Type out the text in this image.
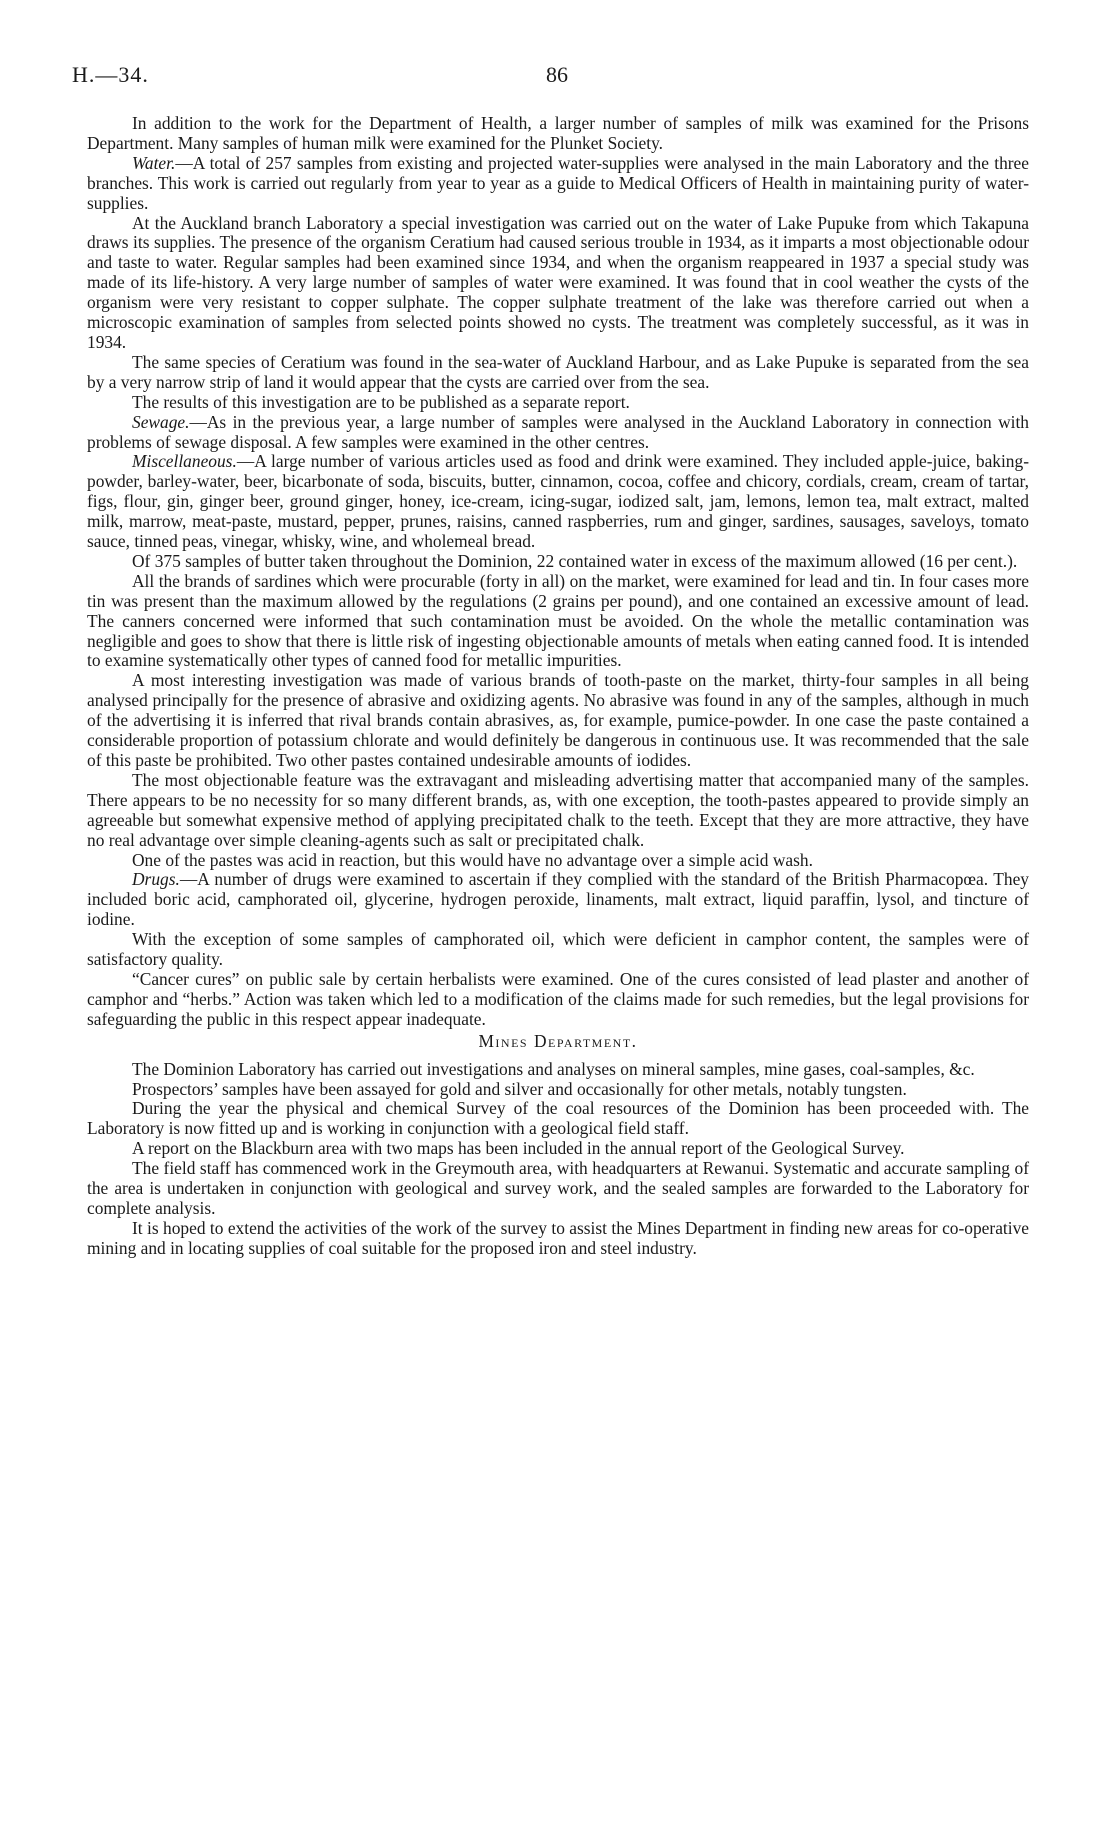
H.—34.	86

In addition to the work for the Department of Health, a larger number of samples of milk was examined for the Prisons Department. Many samples of human milk were examined for the Plunket Society.

Water.—A total of 257 samples from existing and projected water-supplies were analysed in the main Laboratory and the three branches. This work is carried out regularly from year to year as a guide to Medical Officers of Health in maintaining purity of water-supplies.

At the Auckland branch Laboratory a special investigation was carried out on the water of Lake Pupuke from which Takapuna draws its supplies. The presence of the organism Ceratium had caused serious trouble in 1934, as it imparts a most objectionable odour and taste to water. Regular samples had been examined since 1934, and when the organism reappeared in 1937 a special study was made of its life-history. A very large number of samples of water were examined. It was found that in cool weather the cysts of the organism were very resistant to copper sulphate. The copper sulphate treatment of the lake was therefore carried out when a microscopic examination of samples from selected points showed no cysts. The treatment was completely successful, as it was in 1934.

The same species of Ceratium was found in the sea-water of Auckland Harbour, and as Lake Pupuke is separated from the sea by a very narrow strip of land it would appear that the cysts are carried over from the sea.

The results of this investigation are to be published as a separate report.

Sewage.—As in the previous year, a large number of samples were analysed in the Auckland Laboratory in connection with problems of sewage disposal. A few samples were examined in the other centres.

Miscellaneous.—A large number of various articles used as food and drink were examined. They included apple-juice, baking-powder, barley-water, beer, bicarbonate of soda, biscuits, butter, cinnamon, cocoa, coffee and chicory, cordials, cream, cream of tartar, figs, flour, gin, ginger beer, ground ginger, honey, ice-cream, icing-sugar, iodized salt, jam, lemons, lemon tea, malt extract, malted milk, marrow, meat-paste, mustard, pepper, prunes, raisins, canned raspberries, rum and ginger, sardines, sausages, saveloys, tomato sauce, tinned peas, vinegar, whisky, wine, and wholemeal bread.

Of 375 samples of butter taken throughout the Dominion, 22 contained water in excess of the maximum allowed (16 per cent.).

All the brands of sardines which were procurable (forty in all) on the market, were examined for lead and tin. In four cases more tin was present than the maximum allowed by the regulations (2 grains per pound), and one contained an excessive amount of lead. The canners concerned were informed that such contamination must be avoided. On the whole the metallic contamination was negligible and goes to show that there is little risk of ingesting objectionable amounts of metals when eating canned food. It is intended to examine systematically other types of canned food for metallic impurities.

A most interesting investigation was made of various brands of tooth-paste on the market, thirty-four samples in all being analysed principally for the presence of abrasive and oxidizing agents. No abrasive was found in any of the samples, although in much of the advertising it is inferred that rival brands contain abrasives, as, for example, pumice-powder. In one case the paste contained a considerable proportion of potassium chlorate and would definitely be dangerous in continuous use. It was recommended that the sale of this paste be prohibited. Two other pastes contained undesirable amounts of iodides.

The most objectionable feature was the extravagant and misleading advertising matter that accompanied many of the samples. There appears to be no necessity for so many different brands, as, with one exception, the tooth-pastes appeared to provide simply an agreeable but somewhat expensive method of applying precipitated chalk to the teeth. Except that they are more attractive, they have no real advantage over simple cleaning-agents such as salt or precipitated chalk.

One of the pastes was acid in reaction, but this would have no advantage over a simple acid wash.

Drugs.—A number of drugs were examined to ascertain if they complied with the standard of the British Pharmacopœa. They included boric acid, camphorated oil, glycerine, hydrogen peroxide, linaments, malt extract, liquid paraffin, lysol, and tincture of iodine.

With the exception of some samples of camphorated oil, which were deficient in camphor content, the samples were of satisfactory quality.

“Cancer cures” on public sale by certain herbalists were examined. One of the cures consisted of lead plaster and another of camphor and “herbs.” Action was taken which led to a modification of the claims made for such remedies, but the legal provisions for safeguarding the public in this respect appear inadequate.

Mines Department.

The Dominion Laboratory has carried out investigations and analyses on mineral samples, mine gases, coal-samples, &c.

Prospectors’ samples have been assayed for gold and silver and occasionally for other metals, notably tungsten.

During the year the physical and chemical Survey of the coal resources of the Dominion has been proceeded with. The Laboratory is now fitted up and is working in conjunction with a geological field staff.

A report on the Blackburn area with two maps has been included in the annual report of the Geological Survey.

The field staff has commenced work in the Greymouth area, with headquarters at Rewanui. Systematic and accurate sampling of the area is undertaken in conjunction with geological and survey work, and the sealed samples are forwarded to the Laboratory for complete analysis.

It is hoped to extend the activities of the work of the survey to assist the Mines Department in finding new areas for co-operative mining and in locating supplies of coal suitable for the proposed iron and steel industry.
